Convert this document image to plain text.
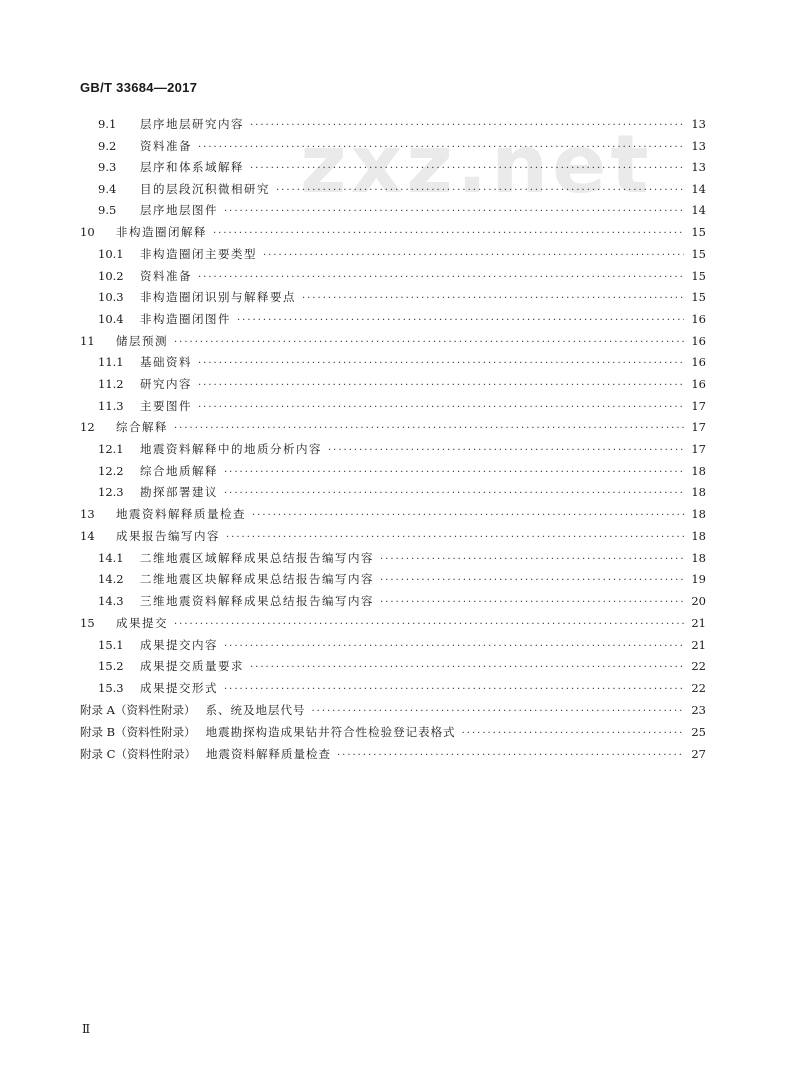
GB/T 33684—2017
zxz.net
9.1	层序地层研究内容 ·····	13
9.2	资料准备 ·····	13
9.3	层序和体系域解释 ·····	13
9.4	目的层段沉积微相研究 ·····	14
9.5	层序地层图件 ·····	14
10	非构造圈闭解释 ·····	15
10.1	非构造圈闭主要类型 ·····	15
10.2	资料准备 ·····	15
10.3	非构造圈闭识别与解释要点 ·····	15
10.4	非构造圈闭图件 ·····	16
11	储层预测 ·····	16
11.1	基础资料 ·····	16
11.2	研究内容 ·····	16
11.3	主要图件 ·····	17
12	综合解释 ·····	17
12.1	地震资料解释中的地质分析内容 ·····	17
12.2	综合地质解释 ·····	18
12.3	勘探部署建议 ·····	18
13	地震资料解释质量检查 ·····	18
14	成果报告编写内容 ·····	18
14.1	二维地震区域解释成果总结报告编写内容 ·····	18
14.2	二维地震区块解释成果总结报告编写内容 ·····	19
14.3	三维地震资料解释成果总结报告编写内容 ·····	20
15	成果提交 ·····	21
15.1	成果提交内容 ·····	21
15.2	成果提交质量要求 ·····	22
15.3	成果提交形式 ·····	22
附录 A（资料性附录） 系、统及地层代号 ·····	23
附录 B（资料性附录） 地震勘探构造成果钻井符合性检验登记表格式 ·····	25
附录 C（资料性附录） 地震资料解释质量检查 ·····	27
Ⅱ
